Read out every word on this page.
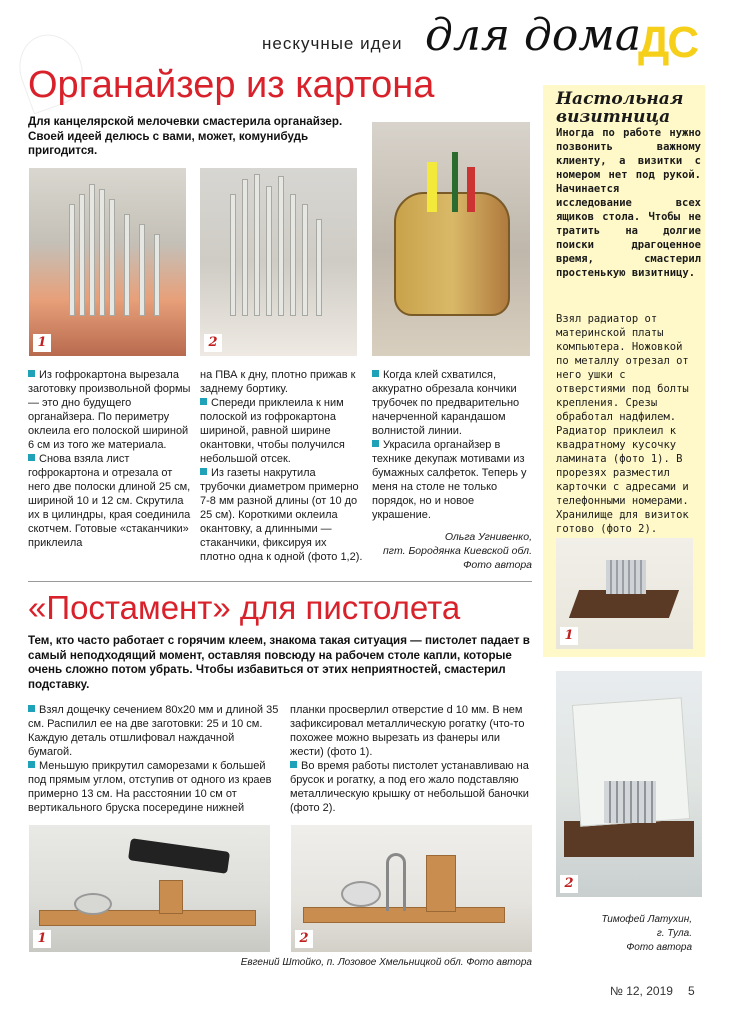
нескучные идеи для дома
ДС
Органайзер из картона
Для канцелярской мелочевки смастерила органайзер. Своей идеей делюсь с вами, может, комунибудь пригодится.
1	2

Из гофрокартона вырезала заготовку произвольной формы — это дно будущего органайзера. По периметру оклеила его полоской шириной 6 см из того же материала.

Снова взяла лист гофрокартона и отрезала от него две полоски длиной 25 см, шириной 10 и 12 см. Скрутила их в цилиндры, края соединила скотчем. Готовые «стаканчики» приклеила

на ПВА к дну, плотно прижав к заднему бортику.

Спереди приклеила к ним полоской из гофрокартона шириной, равной ширине окантовки, чтобы получился небольшой отсек.

Из газеты накрутила трубочки диаметром примерно 7-8 мм разной длины (от 10 до 25 см). Короткими оклеила окантовку, а длинными — стаканчики, фиксируя их плотно одна к одной (фото 1,2).

Когда клей схватился, аккуратно обрезала кончики трубочек по предварительно начерченной карандашом волнистой линии.

Украсила органайзер в технике декупаж мотивами из бумажных салфеток. Теперь у меня на столе не только порядок, но и новое украшение.

Ольга Угнивенко,
пгт. Бородянка Киевской обл.
Фото автора
«Постамент» для пистолета
Тем, кто часто работает с горячим клеем, знакома такая ситуация — пистолет падает в самый неподходящий момент, оставляя повсюду на рабочем столе капли, которые очень сложно потом убрать. Чтобы избавиться от этих неприятностей, смастерил подставку.

Взял дощечку сечением 80х20 мм и длиной 35 см. Распилил ее на две заготовки: 25 и 10 см. Каждую деталь отшлифовал наждачной бумагой.

Меньшую прикрутил саморезами к большей под прямым углом, отступив от одного из краев примерно 13 см. На расстоянии 10 см от вертикального бруска посередине нижней

планки просверлил отверстие d 10 мм. В нем зафиксировал металлическую рогатку (что-то похожее можно вырезать из фанеры или жести) (фото 1).

Во время работы пистолет устанавливаю на брусок и рогатку, а под его жало подставляю металлическую крышку от небольшой баночки (фото 2).

1	2
Евгений Штойко, п. Лозовое Хмельницкой обл. Фото автора
Настольная визитница
Иногда по работе нужно позвонить важному клиенту, а визитки с номером нет под рукой. Начинается исследование всех ящиков стола. Чтобы не тратить на долгие поиски драгоценное время, смастерил простенькую визитницу.
Взял радиатор от материнской платы компьютера. Ножовкой по металлу отрезал от него ушки с отверстиями под болты крепления. Срезы обработал надфилем. Радиатор приклеил к квадратному кусочку ламината (фото 1). В прорезях разместил карточки с адресами и телефонными номерами. Хранилище для визиток готово (фото 2).
1
2
Тимофей Латухин,
г. Тула.
Фото автора
№ 12, 2019 5
